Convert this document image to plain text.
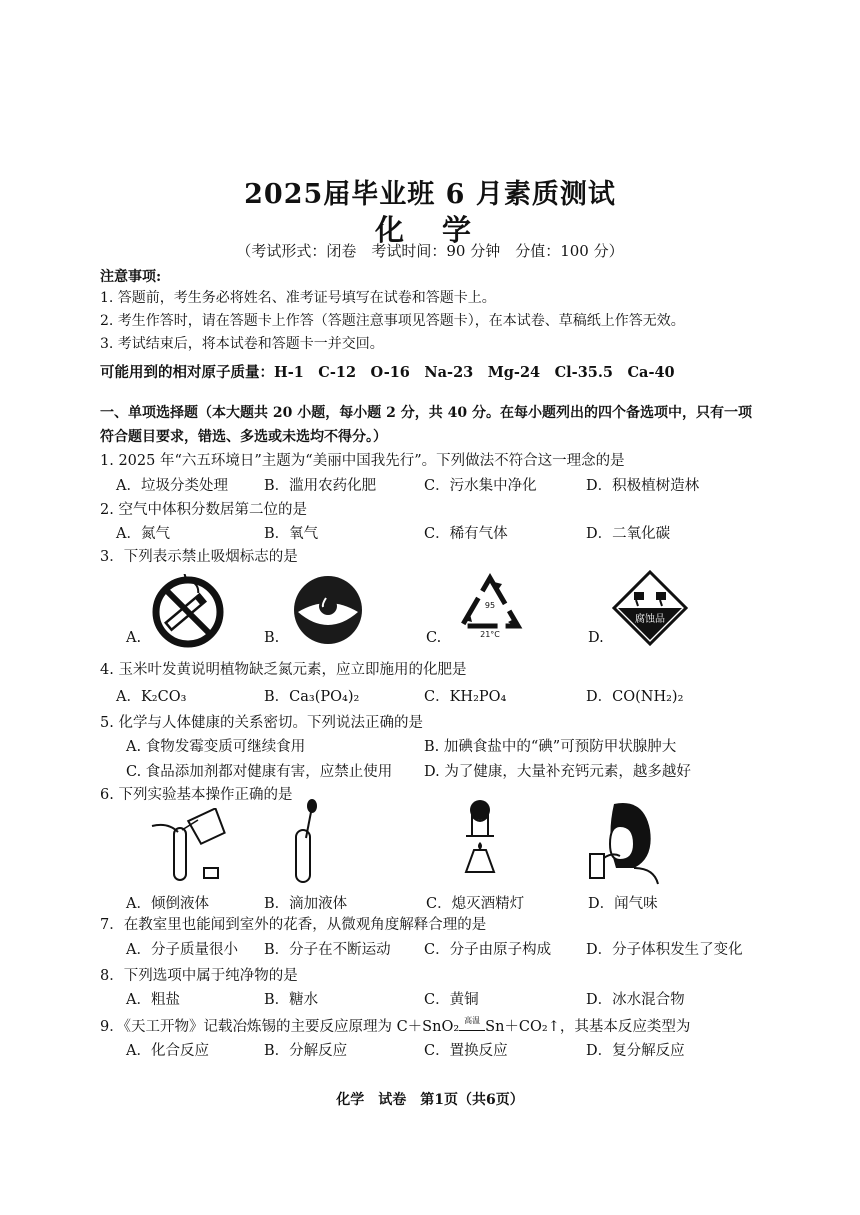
2025届毕业班 6 月素质测试
化 学
（考试形式：闭卷　考试时间：90 分钟　分值：100 分）
注意事项:
1. 答题前，考生务必将姓名、准考证号填写在试卷和答题卡上。
2. 考生作答时，请在答题卡上作答（答题注意事项见答题卡），在本试卷、草稿纸上作答无效。
3. 考试结束后，将本试卷和答题卡一并交回。
可能用到的相对原子质量：H-1　C-12　O-16　Na-23　Mg-24　Cl-35.5　Ca-40
一、单项选择题（本大题共 20 小题，每小题 2 分，共 40 分。在每小题列出的四个备选项中，只有一项
符合题目要求，错选、多选或未选均不得分。）
1. 2025 年“六五环境日”主题为“美丽中国我先行”。下列做法不符合这一理念的是
A．垃圾分类处理 B．滥用农药化肥	C．污水集中净化	D．积极植树造林
2. 空气中体积分数居第二位的是
A．氮气	B．氧气	C．稀有气体	D．二氧化碳
3．下列表示禁止吸烟标志的是
A.	B.
95
21°C
C.
腐蚀品
D.
4. 玉米叶发黄说明植物缺乏氮元素，应立即施用的化肥是
A．K₂CO₃	B．Ca₃(PO₄)₂	C．KH₂PO₄	D．CO(NH₂)₂
5. 化学与人体健康的关系密切。下列说法正确的是
A. 食物发霉变质可继续食用	B. 加碘食盐中的“碘”可预防甲状腺肿大
C. 食品添加剂都对健康有害，应禁止使用 D. 为了健康，大量补充钙元素，越多越好
6. 下列实验基本操作正确的是
A．倾倒液体	B．滴加液体	C．熄灭酒精灯	D．闻气味
7．在教室里也能闻到室外的花香，从微观角度解释合理的是
A．分子质量很小 B．分子在不断运动 C．分子由原子构成 D．分子体积发生了变化
8．下列选项中属于纯净物的是
A．粗盐	B．糖水	C．黄铜	D．冰水混合物
9．《天工开物》记载冶炼锡的主要反应原理为 C＋SnO₂ 高温 Sn＋CO₂↑，其基本反应类型为
A．化合反应	B．分解反应	C．置换反应	D．复分解反应
化学　试卷　第1页（共6页）
